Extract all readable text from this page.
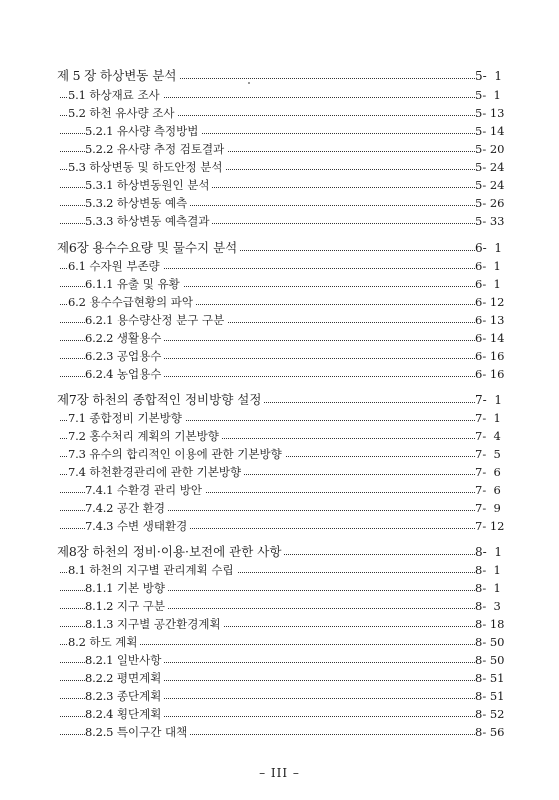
제 5 장 하상변동 분석	5-  1
5.1 하상재료 조사	5-  1
5.2 하천 유사량 조사	5- 13
5.2.1 유사량 측정방법	5- 14
5.2.2 유사량 추정 검토결과	5- 20
5.3 하상변동 및 하도안정 분석	5- 24
5.3.1 하상변동원인 분석	5- 24
5.3.2 하상변동 예측	5- 26
5.3.3 하상변동 예측결과	5- 33
제6장 용수수요량 및 물수지 분석	6-  1
6.1 수자원 부존량	6-  1
6.1.1 유출 및 유황	6-  1
6.2 용수수급현황의 파악	6- 12
6.2.1 용수량산정 분구 구분	6- 13
6.2.2 생활용수	6- 14
6.2.3 공업용수	6- 16
6.2.4 농업용수	6- 16
제7장 하천의 종합적인 정비방향 설정	7-  1
7.1 종합정비 기본방향	7-  1
7.2 홍수처리 계획의 기본방향	7-  4
7.3 유수의 합리적인 이용에 관한 기본방향	7-  5
7.4 하천환경관리에 관한 기본방향	7-  6
7.4.1 수환경 관리 방안	7-  6
7.4.2 공간 환경	7-  9
7.4.3 수변 생태환경	7- 12
제8장 하천의 정비·이용·보전에 관한 사항	8-  1
8.1 하천의 지구별 관리계획 수립	8-  1
8.1.1 기본 방향	8-  1
8.1.2 지구 구분	8-  3
8.1.3 지구별 공간환경계획	8- 18
8.2 하도 계획	8- 50
8.2.1 일반사항	8- 50
8.2.2 평면계획	8- 51
8.2.3 종단계획	8- 51
8.2.4 횡단계획	8- 52
8.2.5 특이구간 대책	8- 56
– III –
